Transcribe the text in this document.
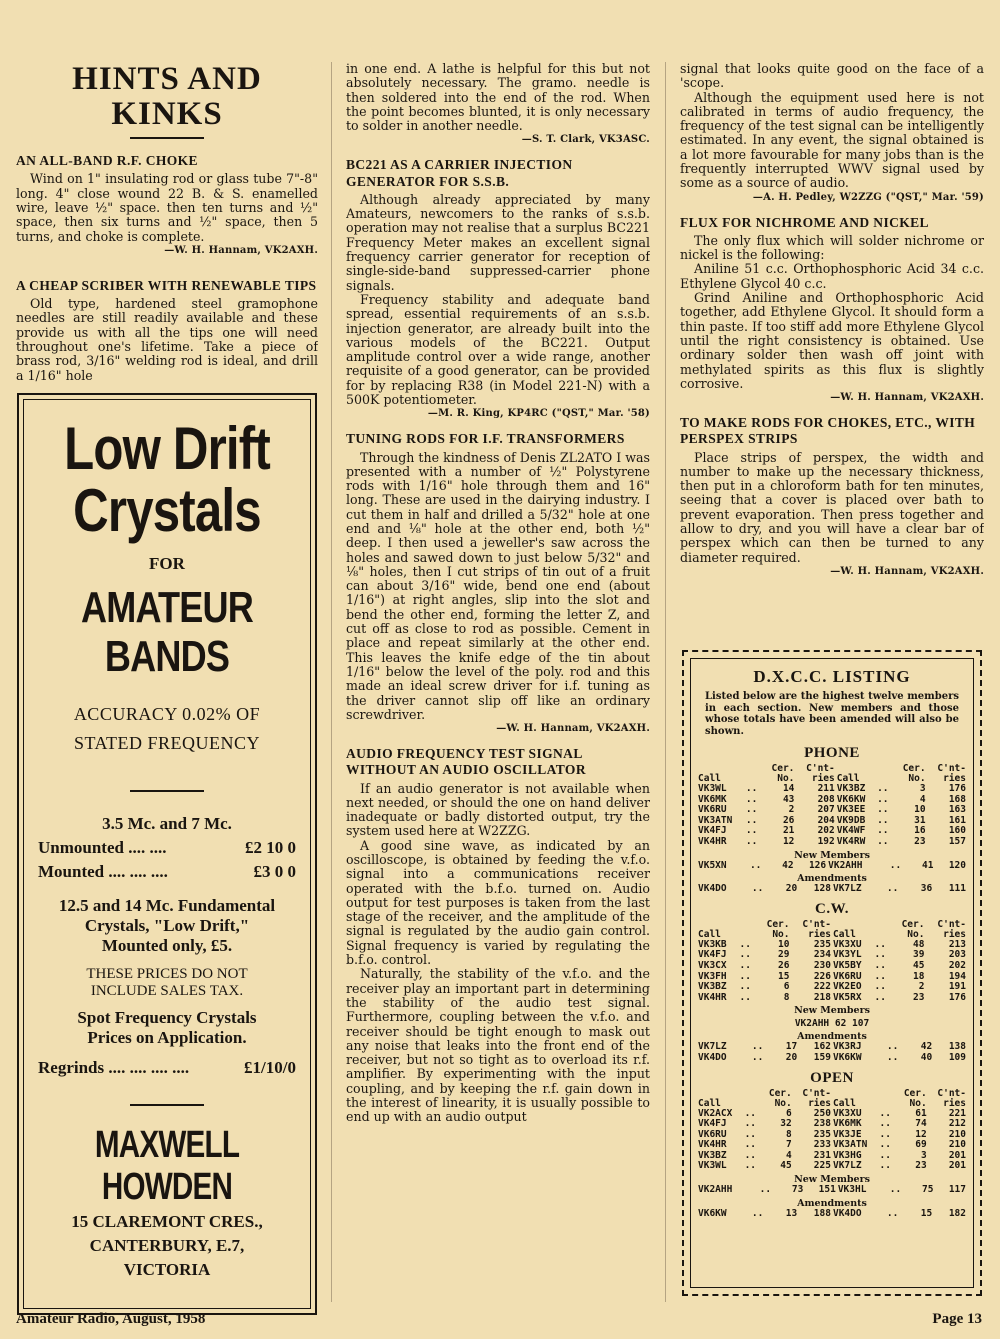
HINTS AND KINKS
AN ALL-BAND R.F. CHOKE

Wind on 1" insulating rod or glass tube 7"-8" long. 4" close wound 22 B. & S. enamelled wire, leave ½" space. then ten turns and ½" space, then six turns and ½" space, then 5 turns, and choke is complete.

—W. H. Hannam, VK2AXH.
A CHEAP SCRIBER WITH RENEWABLE TIPS

Old type, hardened steel gramophone needles are still readily available and these provide us with all the tips one will need throughout one's lifetime. Take a piece of brass rod, 3/16" welding rod is ideal, and drill a 1/16" hole

Low Drift
Crystals
FOR
AMATEUR
BANDS
ACCURACY 0.02% OF
STATED FREQUENCY
3.5 Mc. and 7 Mc.
Unmounted .... ....	£2 10 0
Mounted .... .... ....	£3 0 0
12.5 and 14 Mc. Fundamental
Crystals, "Low Drift,"
Mounted only, £5.
THESE PRICES DO NOT
INCLUDE SALES TAX.
Spot Frequency Crystals
Prices on Application.
Regrinds .... .... .... ....	£1/10/0
MAXWELL HOWDEN
15 CLAREMONT CRES.,
CANTERBURY, E.7,
VICTORIA

in one end. A lathe is helpful for this but not absolutely necessary. The gramo. needle is then soldered into the end of the rod. When the point becomes blunted, it is only necessary to solder in another needle.

—S. T. Clark, VK3ASC.
BC221 AS A CARRIER INJECTION GENERATOR FOR S.S.B.

Although already appreciated by many Amateurs, newcomers to the ranks of s.s.b. operation may not realise that a surplus BC221 Frequency Meter makes an excellent signal frequency carrier generator for reception of single-side-band suppressed-carrier phone signals.

Frequency stability and adequate band spread, essential requirements of an s.s.b. injection generator, are already built into the various models of the BC221. Output amplitude control over a wide range, another requisite of a good generator, can be provided for by replacing R38 (in Model 221-N) with a 500K potentiometer.

—M. R. King, KP4RC ("QST," Mar. '58)
TUNING RODS FOR I.F. TRANSFORMERS

Through the kindness of Denis ZL2ATO I was presented with a number of ½" Polystyrene rods with 1/16" hole through them and 16" long. These are used in the dairying industry. I cut them in half and drilled a 5/32" hole at one end and ⅛" hole at the other end, both ½" deep. I then used a jeweller's saw across the holes and sawed down to just below 5/32" and ⅛" holes, then I cut strips of tin out of a fruit can about 3/16" wide, bend one end (about 1/16") at right angles, slip into the slot and bend the other end, forming the letter Z, and cut off as close to rod as possible. Cement in place and repeat similarly at the other end. This leaves the knife edge of the tin about 1/16" below the level of the poly. rod and this made an ideal screw driver for i.f. tuning as the driver cannot slip off like an ordinary screwdriver.

—W. H. Hannam, VK2AXH.
AUDIO FREQUENCY TEST SIGNAL WITHOUT AN AUDIO OSCILLATOR

If an audio generator is not available when next needed, or should the one on hand deliver inadequate or badly distorted output, try the system used here at W2ZZG.

A good sine wave, as indicated by an oscilloscope, is obtained by feeding the v.f.o. signal into a communications receiver operated with the b.f.o. turned on. Audio output for test purposes is taken from the last stage of the receiver, and the amplitude of the signal is regulated by the audio gain control. Signal frequency is varied by regulating the b.f.o. control.

Naturally, the stability of the v.f.o. and the receiver play an important part in determining the stability of the audio test signal. Furthermore, coupling between the v.f.o. and receiver should be tight enough to mask out any noise that leaks into the front end of the receiver, but not so tight as to overload its r.f. amplifier. By experimenting with the input coupling, and by keeping the r.f. gain down in the interest of linearity, it is usually possible to end up with an audio output

signal that looks quite good on the face of a 'scope.

Although the equipment used here is not calibrated in terms of audio frequency, the frequency of the test signal can be intelligently estimated. In any event, the signal obtained is a lot more favourable for many jobs than is the frequently interrupted WWV signal used by some as a source of audio.

—A. H. Pedley, W2ZZG ("QST," Mar. '59)
FLUX FOR NICHROME AND NICKEL

The only flux which will solder nichrome or nickel is the following:

Aniline 51 c.c. Orthophosphoric Acid 34 c.c. Ethylene Glycol 40 c.c.

Grind Aniline and Orthophosphoric Acid together, add Ethylene Glycol. It should form a thin paste. If too stiff add more Ethylene Glycol until the right consistency is obtained. Use ordinary solder then wash off joint with methylated spirits as this flux is slightly corrosive.

—W. H. Hannam, VK2AXH.
TO MAKE RODS FOR CHOKES, ETC., WITH PERSPEX STRIPS

Place strips of perspex, the width and number to make up the necessary thickness, then put in a chloroform bath for ten minutes, seeing that a cover is placed over bath to prevent evaporation. Then press together and allow to dry, and you will have a clear bar of perspex which can then be turned to any diameter required.

—W. H. Hannam, VK2AXH.
D.X.C.C. LISTING
Listed below are the highest twelve members in each section. New members and those whose totals have been amended will also be shown.
PHONE
		Cer.	C'nt-			Cer.	C'nt-
Call		No.	ries	Call		No.	ries
VK3WL	..	14	211	VK3BZ	..	3	176
VK6MK	..	43	208	VK6KW	..	4	168
VK6RU	..	2	207	VK3EE	..	10	163
VK3ATN	..	26	204	VK9DB	..	31	161
VK4FJ	..	21	202	VK4WF	..	16	160
VK4HR	..	12	192	VK4RW	..	23	157
New Members
VK5XN	..	42	126	VK2AHH	..	41	120
Amendments
VK4DO	..	20	128	VK7LZ	..	36	111
C.W.
		Cer.	C'nt-			Cer.	C'nt-
Call		No.	ries	Call		No.	ries
VK3KB	..	10	235	VK3XU	..	48	213
VK4FJ	..	29	234	VK3YL	..	39	203
VK3CX	..	26	230	VK5BY	..	45	202
VK3FH	..	15	226	VK6RU	..	18	194
VK3BZ	..	6	222	VK2EO	..	2	191
VK4HR	..	8	218	VK5RX	..	23	176
New Members
VK2AHH 62 107
Amendments
VK7LZ	..	17	162	VK3RJ	..	42	138
VK4DO	..	20	159	VK6KW	..	40	109
OPEN
		Cer.	C'nt-			Cer.	C'nt-
Call		No.	ries	Call		No.	ries
VK2ACX	..	6	250	VK3XU	..	61	221
VK4FJ	..	32	238	VK6MK	..	74	212
VK6RU	..	8	235	VK3JE	..	12	210
VK4HR	..	7	233	VK3ATN	..	69	210
VK3BZ	..	4	231	VK3HG	..	3	201
VK3WL	..	45	225	VK7LZ	..	23	201
New Members
VK2AHH	..	73	151	VK3HL	..	75	117
Amendments
VK6KW	..	13	188	VK4DO	..	15	182
Amateur Radio, August, 1958	Page 13
